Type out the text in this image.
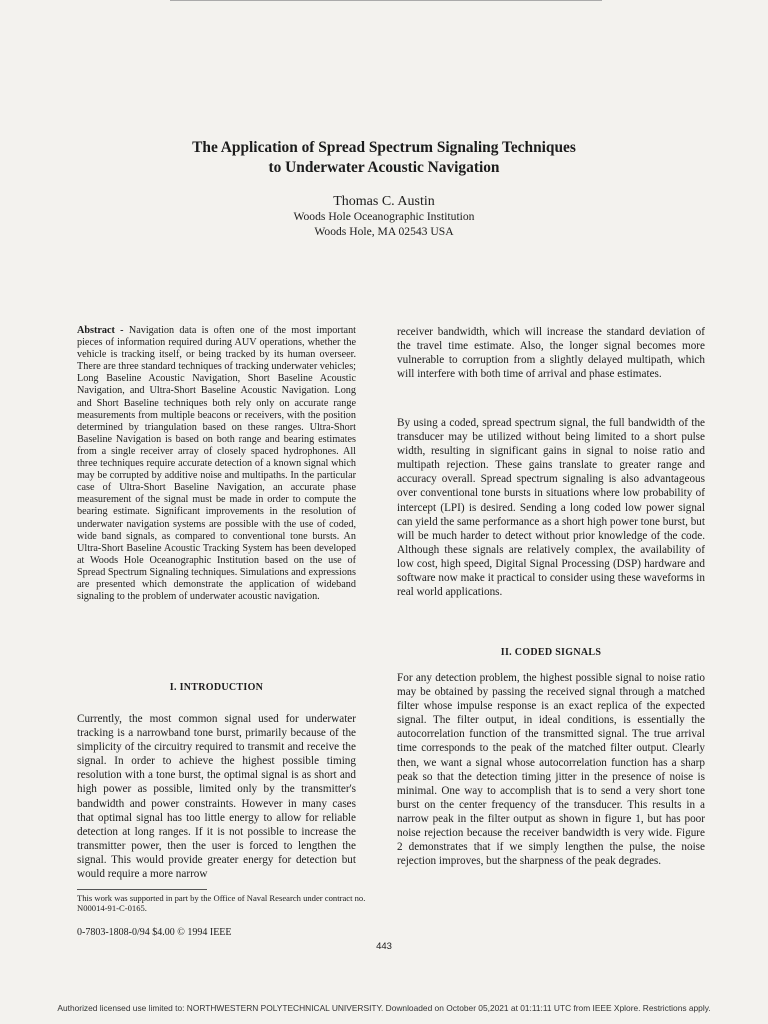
The Application of Spread Spectrum Signaling Techniques
to Underwater Acoustic Navigation
Thomas C. Austin
Woods Hole Oceanographic Institution
Woods Hole, MA 02543 USA
Abstract - Navigation data is often one of the most important pieces of information required during AUV operations, whether the vehicle is tracking itself, or being tracked by its human overseer. There are three standard techniques of tracking underwater vehicles; Long Baseline Acoustic Navigation, Short Baseline Acoustic Navigation, and Ultra-Short Baseline Acoustic Navigation. Long and Short Baseline techniques both rely only on accurate range measurements from multiple beacons or receivers, with the position determined by triangulation based on these ranges. Ultra-Short Baseline Navigation is based on both range and bearing estimates from a single receiver array of closely spaced hydrophones. All three techniques require accurate detection of a known signal which may be corrupted by additive noise and multipaths. In the particular case of Ultra-Short Baseline Navigation, an accurate phase measurement of the signal must be made in order to compute the bearing estimate. Significant improvements in the resolution of underwater navigation systems are possible with the use of coded, wide band signals, as compared to conventional tone bursts. An Ultra-Short Baseline Acoustic Tracking System has been developed at Woods Hole Oceanographic Institution based on the use of Spread Spectrum Signaling techniques. Simulations and expressions are presented which demonstrate the application of wideband signaling to the problem of underwater acoustic navigation.
I. INTRODUCTION
Currently, the most common signal used for underwater tracking is a narrowband tone burst, primarily because of the simplicity of the circuitry required to transmit and receive the signal. In order to achieve the highest possible timing resolution with a tone burst, the optimal signal is as short and high power as possible, limited only by the transmitter's bandwidth and power constraints. However in many cases that optimal signal has too little energy to allow for reliable detection at long ranges. If it is not possible to increase the transmitter power, then the user is forced to lengthen the signal. This would provide greater energy for detection but would require a more narrow
This work was supported in part by the Office of Naval Research under contract no. N00014-91-C-0165.
0-7803-1808-0/94 $4.00 © 1994 IEEE
receiver bandwidth, which will increase the standard deviation of the travel time estimate. Also, the longer signal becomes more vulnerable to corruption from a slightly delayed multipath, which will interfere with both time of arrival and phase estimates.
By using a coded, spread spectrum signal, the full bandwidth of the transducer may be utilized without being limited to a short pulse width, resulting in significant gains in signal to noise ratio and multipath rejection. These gains translate to greater range and accuracy overall. Spread spectrum signaling is also advantageous over conventional tone bursts in situations where low probability of intercept (LPI) is desired. Sending a long coded low power signal can yield the same performance as a short high power tone burst, but will be much harder to detect without prior knowledge of the code. Although these signals are relatively complex, the availability of low cost, high speed, Digital Signal Processing (DSP) hardware and software now make it practical to consider using these waveforms in real world applications.
II. CODED SIGNALS
For any detection problem, the highest possible signal to noise ratio may be obtained by passing the received signal through a matched filter whose impulse response is an exact replica of the expected signal. The filter output, in ideal conditions, is essentially the autocorrelation function of the transmitted signal. The true arrival time corresponds to the peak of the matched filter output. Clearly then, we want a signal whose autocorrelation function has a sharp peak so that the detection timing jitter in the presence of noise is minimal. One way to accomplish that is to send a very short tone burst on the center frequency of the transducer. This results in a narrow peak in the filter output as shown in figure 1, but has poor noise rejection because the receiver bandwidth is very wide. Figure 2 demonstrates that if we simply lengthen the pulse, the noise rejection improves, but the sharpness of the peak degrades.
443
Authorized licensed use limited to: NORTHWESTERN POLYTECHNICAL UNIVERSITY. Downloaded on October 05,2021 at 01:11:11 UTC from IEEE Xplore. Restrictions apply.
